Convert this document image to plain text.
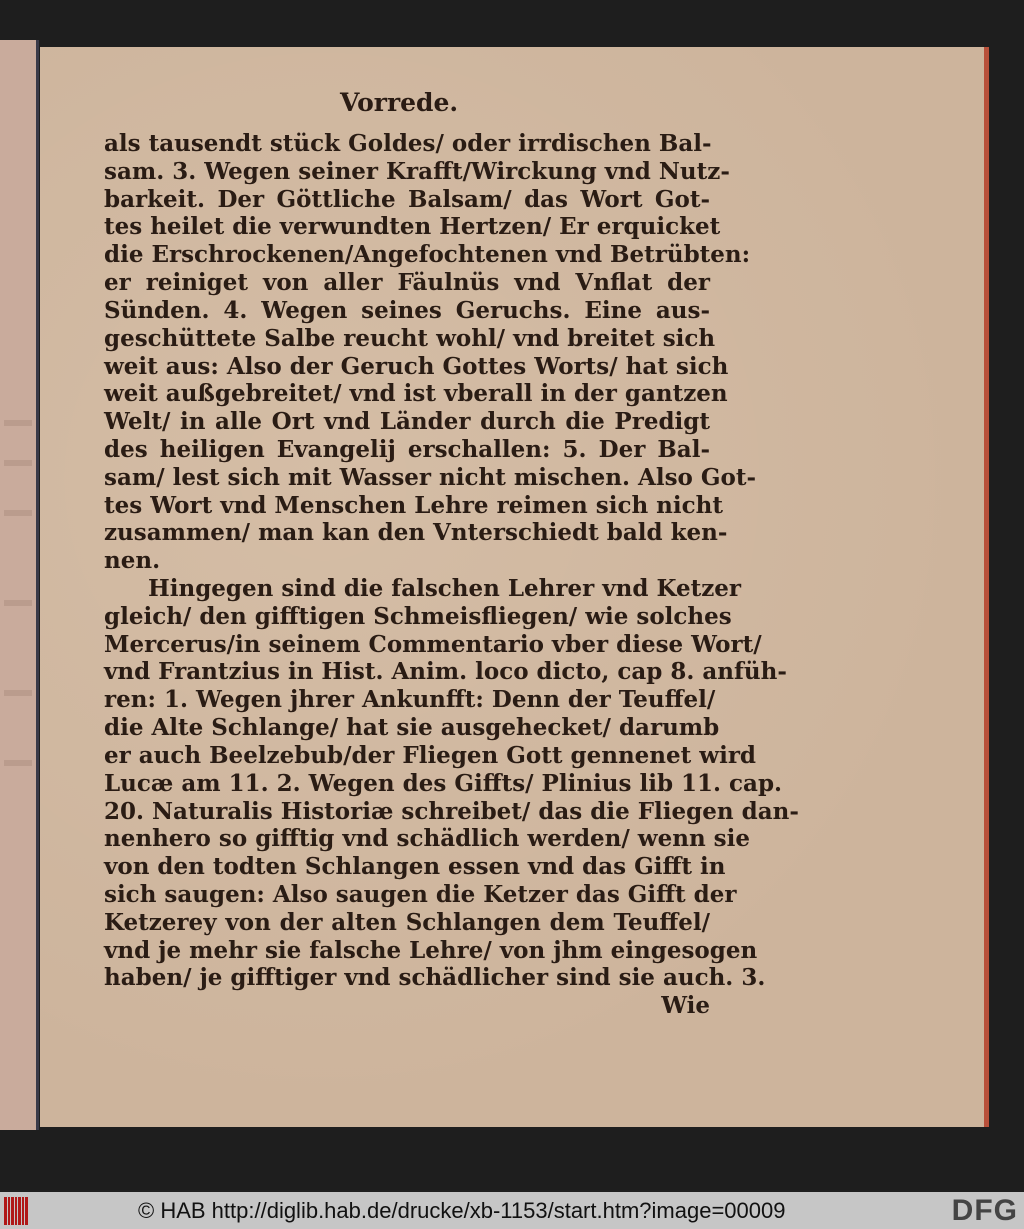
Vorrede.
als tausendt stück Goldes/ oder irrdischen Bal-
sam. 3. Wegen seiner Krafft/Wirckung vnd Nutz-
barkeit. Der Göttliche Balsam/ das Wort Got-
tes heilet die verwundten Hertzen/ Er erquicket
die Erschrockenen/Angefochtenen vnd Betrübten:
er reiniget von aller Fäulnüs vnd Vnflat der
Sünden. 4. Wegen seines Geruchs. Eine aus-
geschüttete Salbe reucht wohl/ vnd breitet sich
weit aus: Also der Geruch Gottes Worts/ hat sich
weit außgebreitet/ vnd ist vberall in der gantzen
Welt/ in alle Ort vnd Länder durch die Predigt
des heiligen Evangelij erschallen: 5. Der Bal-
sam/ lest sich mit Wasser nicht mischen. Also Got-
tes Wort vnd Menschen Lehre reimen sich nicht
zusammen/ man kan den Vnterschiedt bald ken-
nen.
Hingegen sind die falschen Lehrer vnd Ketzer
gleich/ den gifftigen Schmeisfliegen/ wie solches
Mercerus/in seinem Commentario vber diese Wort/
vnd Frantzius in Hist. Anim. loco dicto, cap 8. anfüh-
ren: 1. Wegen jhrer Ankunfft: Denn der Teuffel/
die Alte Schlange/ hat sie ausgehecket/ darumb
er auch Beelzebub/der Fliegen Gott gennenet wird
Lucæ am 11. 2. Wegen des Giffts/ Plinius lib 11. cap.
20. Naturalis Historiæ schreibet/ das die Fliegen dan-
nenhero so gifftig vnd schädlich werden/ wenn sie
von den todten Schlangen essen vnd das Gifft in
sich saugen: Also saugen die Ketzer das Gifft der
Ketzerey von der alten Schlangen dem Teuffel/
vnd je mehr sie falsche Lehre/ von jhm eingesogen
haben/ je gifftiger vnd schädlicher sind sie auch. 3.
Wie
© HAB http://diglib.hab.de/drucke/xb-1153/start.htm?image=00009	DFG
